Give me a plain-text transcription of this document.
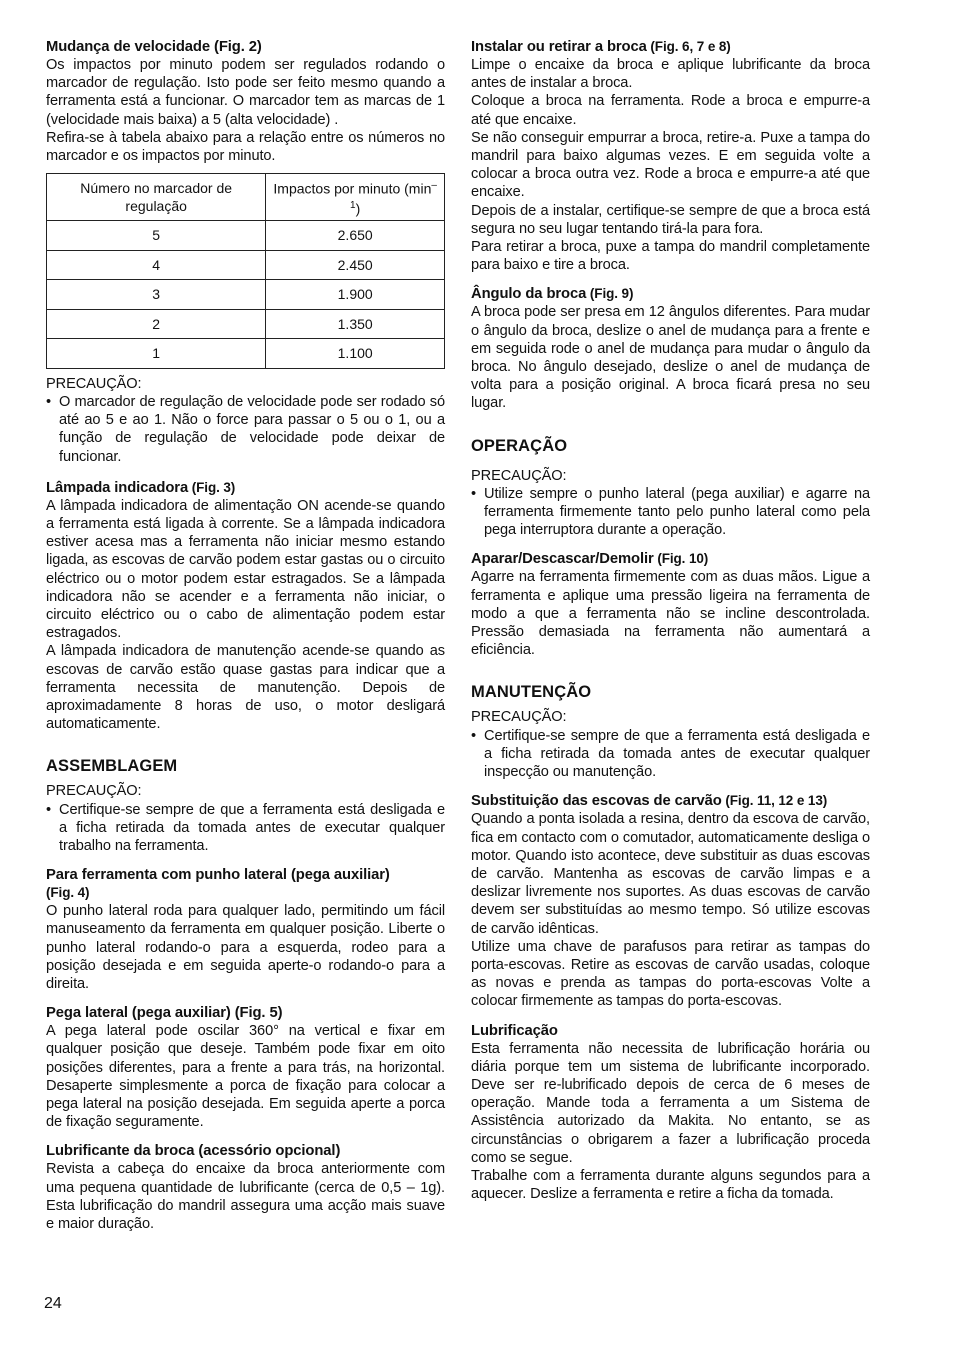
Mudança de velocidade (Fig. 2)

Os impactos por minuto podem ser regulados rodando o marcador de regulação. Isto pode ser feito mesmo quando a ferramenta está a funcionar. O marcador tem as marcas de 1 (velocidade mais baixa) a 5 (alta velocidade) .

Refira-se à tabela abaixo para a relação entre os números no marcador e os impactos por minuto.

Número no marcador de regulação	Impactos por minuto $(\min^{-1})$
5	2.650
4	2.450
3	1.900
2	1.350
1	1.100

PRECAUÇÃO:

• O marcador de regulação de velocidade pode ser rodado só até ao 5 e ao 1. Não o force para passar o 5 ou o 1, ou a função de regulação de velocidade pode deixar de funcionar.

Lâmpada indicadora (Fig. 3)

A lâmpada indicadora de alimentação ON acende-se quando a ferramenta está ligada à corrente. Se a lâmpada indicadora estiver acesa mas a ferramenta não iniciar mesmo estando ligada, as escovas de carvão podem estar gastas ou o circuito eléctrico ou o motor podem estar estragados. Se a lâmpada indicadora não se acender e a ferramenta não iniciar, o circuito eléctrico ou o cabo de alimentação podem estar estragados.

A lâmpada indicadora de manutenção acende-se quando as escovas de carvão estão quase gastas para indicar que a ferramenta necessita de manutenção. Depois de aproximadamente 8 horas de uso, o motor desligará automaticamente.

ASSEMBLAGEM

PRECAUÇÃO:

• Certifique-se sempre de que a ferramenta está desligada e a ficha retirada da tomada antes de executar qualquer trabalho na ferramenta.

Para ferramenta com punho lateral (pega auxiliar)
(Fig. 4)

O punho lateral roda para qualquer lado, permitindo um fácil manuseamento da ferramenta em qualquer posição. Liberte o punho lateral rodando-o para a esquerda, rodeo para a posição desejada e em seguida aperte-o rodando-o para a direita.

Pega lateral (pega auxiliar) (Fig. 5)

A pega lateral pode oscilar 360° na vertical e fixar em qualquer posição que deseje. Também pode fixar em oito posições diferentes, para a frente a para trás, na horizontal. Desaperte simplesmente a porca de fixação para colocar a pega lateral na posição desejada. Em seguida aperte a porca de fixação seguramente.

Lubrificante da broca (acessório opcional)

Revista a cabeça do encaixe da broca anteriormente com uma pequena quantidade de lubrificante (cerca de 0,5 – 1g). Esta lubrificação do mandril assegura uma acção mais suave e maior duração.

Instalar ou retirar a broca (Fig. 6, 7 e 8)

Limpe o encaixe da broca e aplique lubrificante da broca antes de instalar a broca.

Coloque a broca na ferramenta. Rode a broca e empurre-a até que encaixe.

Se não conseguir empurrar a broca, retire-a. Puxe a tampa do mandril para baixo algumas vezes. E em seguida volte a colocar a broca outra vez. Rode a broca e empurre-a até que encaixe.

Depois de a instalar, certifique-se sempre de que a broca está segura no seu lugar tentando tirá-la para fora.

Para retirar a broca, puxe a tampa do mandril completamente para baixo e tire a broca.

Ângulo da broca (Fig. 9)

A broca pode ser presa em 12 ângulos diferentes. Para mudar o ângulo da broca, deslize o anel de mudança para a frente e em seguida rode o anel de mudança para mudar o ângulo da broca. No ângulo desejado, deslize o anel de mudança de volta para a posição original. A broca ficará presa no seu lugar.

OPERAÇÃO

PRECAUÇÃO:

• Utilize sempre o punho lateral (pega auxiliar) e agarre na ferramenta firmemente tanto pelo punho lateral como pela pega interruptora durante a operação.

Aparar/Descascar/Demolir (Fig. 10)

Agarre na ferramenta firmemente com as duas mãos. Ligue a ferramenta e aplique uma pressão ligeira na ferramenta de modo a que a ferramenta não se incline descontrolada. Pressão demasiada na ferramenta não aumentará a eficiência.

MANUTENÇÃO

PRECAUÇÃO:

• Certifique-se sempre de que a ferramenta está desligada e a ficha retirada da tomada antes de executar qualquer inspecção ou manutenção.

Substituição das escovas de carvão (Fig. 11, 12 e 13)

Quando a ponta isolada a resina, dentro da escova de carvão, fica em contacto com o comutador, automaticamente desliga o motor. Quando isto acontece, deve substituir as duas escovas de carvão. Mantenha as escovas de carvão limpas e a deslizar livremente nos suportes. As duas escovas de carvão devem ser substituídas ao mesmo tempo. Só utilize escovas de carvão idênticas.

Utilize uma chave de parafusos para retirar as tampas do porta-escovas. Retire as escovas de carvão usadas, coloque as novas e prenda as tampas do porta-escovas Volte a colocar firmemente as tampas do porta-escovas.

Lubrificação

Esta ferramenta não necessita de lubrificação horária ou diária porque tem um sistema de lubrificante incorporado. Deve ser re-lubrificado depois de cerca de 6 meses de operação. Mande toda a ferramenta a um Sistema de Assistência autorizado da Makita. No entanto, se as circunstâncias o obrigarem a fazer a lubrificação proceda como se segue.

Trabalhe com a ferramenta durante alguns segundos para a aquecer. Deslize a ferramenta e retire a ficha da tomada.

24
